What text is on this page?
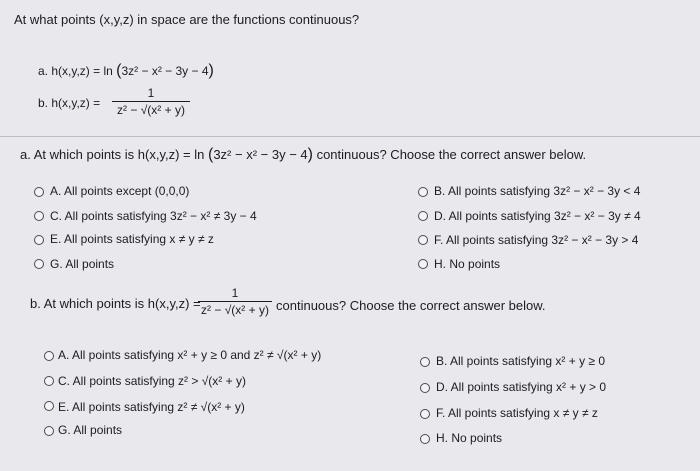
At what points (x,y,z) in space are the functions continuous?
a. h(x,y,z) = ln (3z² − x² − 3y − 4)
b. h(x,y,z) =
1
z² − √(x² + y)
a. At which points is h(x,y,z) = ln (3z² − x² − 3y − 4) continuous? Choose the correct answer below.
A. All points except (0,0,0)
C. All points satisfying 3z² − x² ≠ 3y − 4
E. All points satisfying x ≠ y ≠ z
G. All points
B. All points satisfying 3z² − x² − 3y < 4
D. All points satisfying 3z² − x² − 3y ≠ 4
F. All points satisfying 3z² − x² − 3y > 4
H. No points
b. At which points is h(x,y,z) =
1
z² − √(x² + y) continuous? Choose the correct answer below.
A. All points satisfying x² + y ≥ 0 and z² ≠ √(x² + y)
C. All points satisfying z² > √(x² + y)
E. All points satisfying z² ≠ √(x² + y)
G. All points
B. All points satisfying x² + y ≥ 0
D. All points satisfying x² + y > 0
F. All points satisfying x ≠ y ≠ z
H. No points
